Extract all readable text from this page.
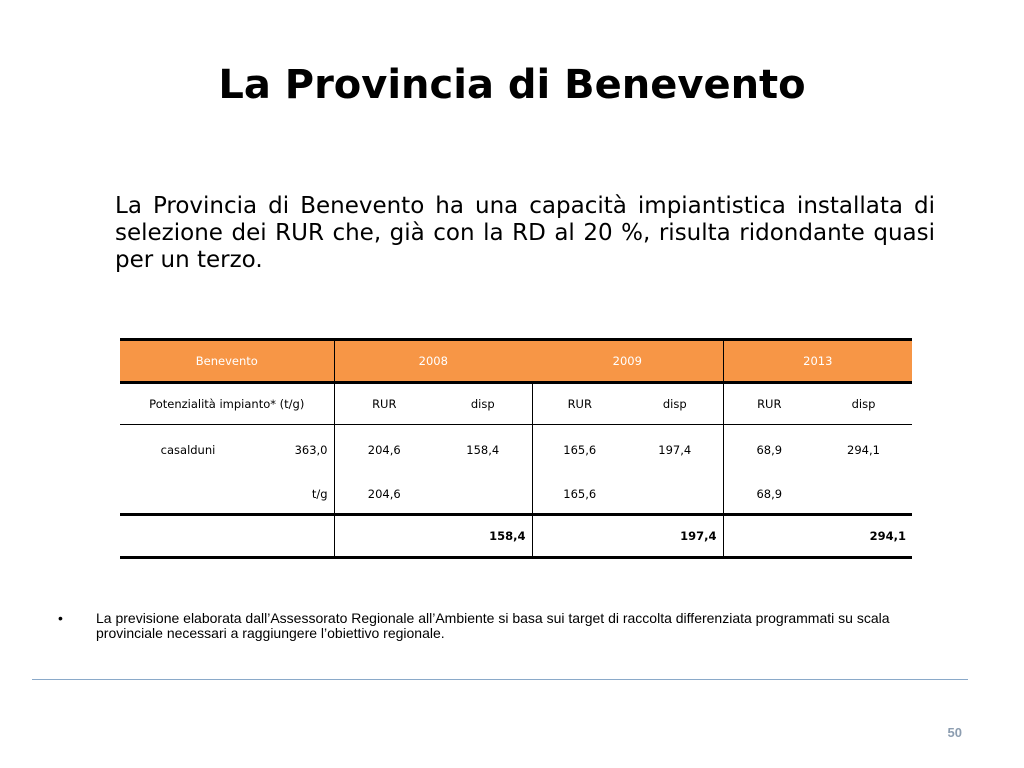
La Provincia di Benevento

La Provincia di Benevento ha una capacità impiantistica installata di selezione dei RUR che, già con la RD al 20 %, risulta ridondante quasi per un terzo.

Benevento		2008		2009		2013	
Potenzialità impianto* (t/g)		RUR	disp	RUR	disp	RUR	disp
casalduni	363,0	204,6	158,4	165,6	197,4	68,9	294,1
	t/g	204,6		165,6		68,9	
		158,4		197,4		294,1	
• La previsione elaborata dall’Assessorato Regionale all’Ambiente si basa sui target di raccolta differenziata programmati su scala provinciale necessari a raggiungere l’obiettivo regionale.
50
